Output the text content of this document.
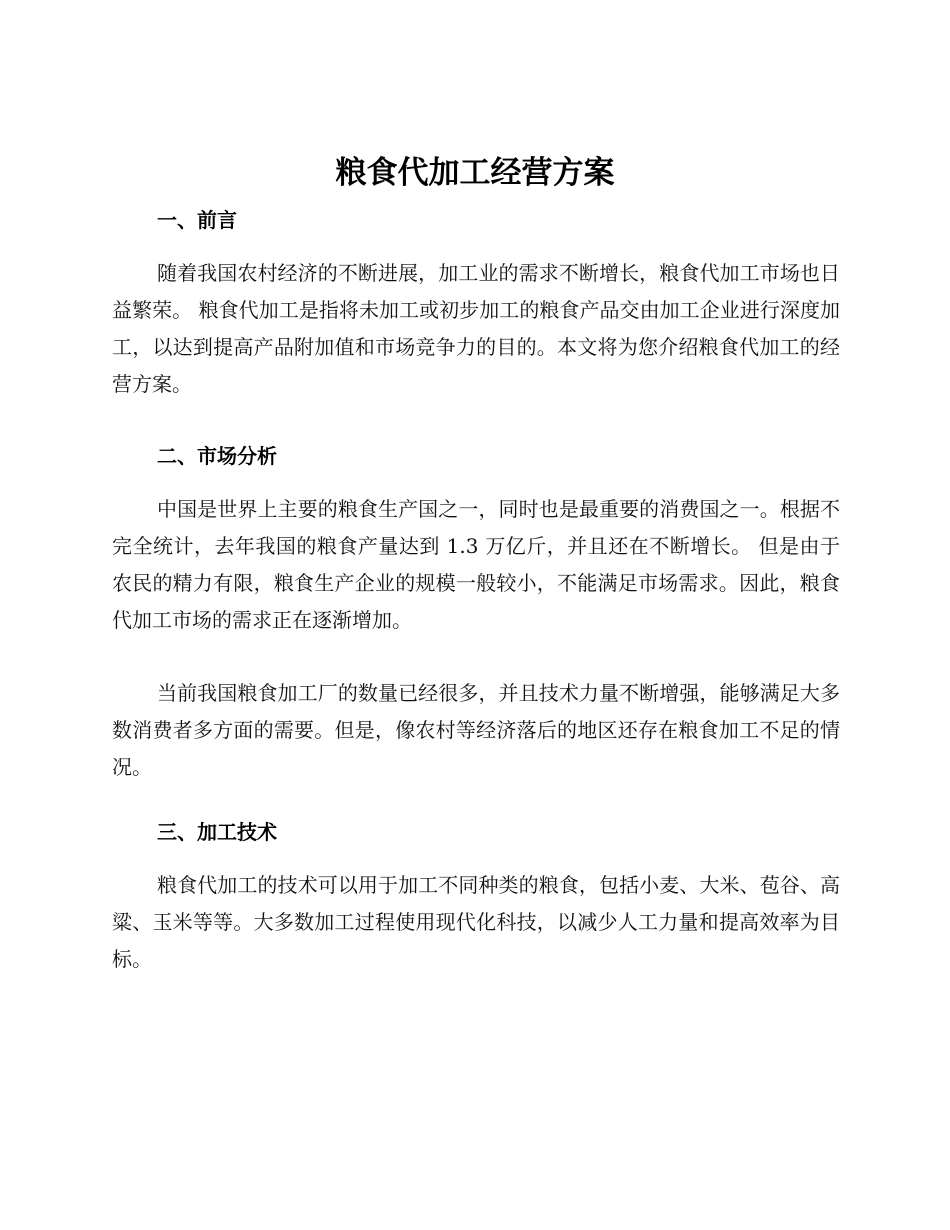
粮食代加工经营方案
一、前言

随着我国农村经济的不断进展，加工业的需求不断增长，粮食代加工市场也日益繁荣。 粮食代加工是指将未加工或初步加工的粮食产品交由加工企业进行深度加工，以达到提高产品附加值和市场竞争力的目的。本文将为您介绍粮食代加工的经营方案。

二、市场分析

中国是世界上主要的粮食生产国之一，同时也是最重要的消费国之一。根据不完全统计，去年我国的粮食产量达到 1.3 万亿斤，并且还在不断增长。 但是由于农民的精力有限，粮食生产企业的规模一般较小，不能满足市场需求。因此，粮食代加工市场的需求正在逐渐增加。

当前我国粮食加工厂的数量已经很多，并且技术力量不断增强，能够满足大多数消费者多方面的需要。但是，像农村等经济落后的地区还存在粮食加工不足的情况。

三、加工技术

粮食代加工的技术可以用于加工不同种类的粮食，包括小麦、大米、苞谷、高粱、玉米等等。大多数加工过程使用现代化科技，以减少人工力量和提高效率为目标。
